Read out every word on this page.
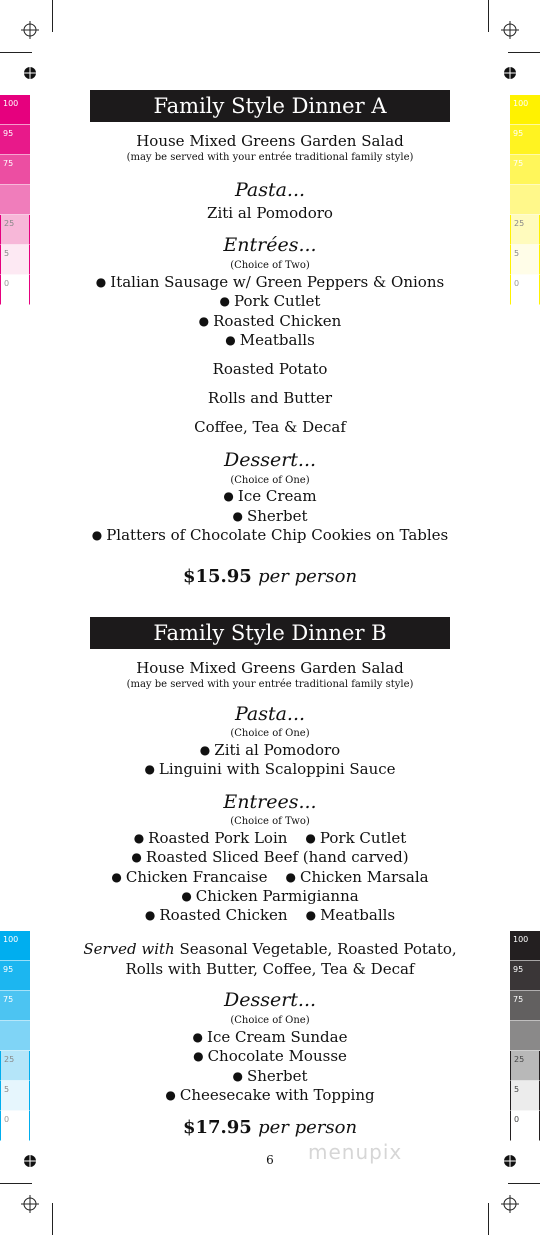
Family Style Dinner A
House Mixed Greens Garden Salad
(may be served with your entrée traditional family style)
Pasta...
Ziti al Pomodoro
Entrées...
(Choice of Two)
● Italian Sausage w/ Green Peppers & Onions
● Pork Cutlet
● Roasted Chicken
● Meatballs
Roasted Potato
Rolls and Butter
Coffee, Tea & Decaf
Dessert...
(Choice of One)
● Ice Cream
● Sherbet
● Platters of Chocolate Chip Cookies on Tables
$15.95 per person
Family Style Dinner B
House Mixed Greens Garden Salad
(may be served with your entrée traditional family style)
Pasta...
(Choice of One)
● Ziti al Pomodoro
● Linguini with Scaloppini Sauce
Entrees...
(Choice of Two)
● Roasted Pork Loin ● Pork Cutlet
● Roasted Sliced Beef (hand carved)
● Chicken Francaise ● Chicken Marsala
● Chicken Parmigianna
● Roasted Chicken ● Meatballs
Served with Seasonal Vegetable, Roasted Potato,
Rolls with Butter, Coffee, Tea & Decaf
Dessert...
(Choice of One)
● Ice Cream Sundae
● Chocolate Mousse
● Sherbet
● Cheesecake with Topping
$17.95 per person
6	menupix
100
95
75
25
5
0
100
95
75
25
5
0
100
95
75
25
5
0
100
95
75
25
5
0
